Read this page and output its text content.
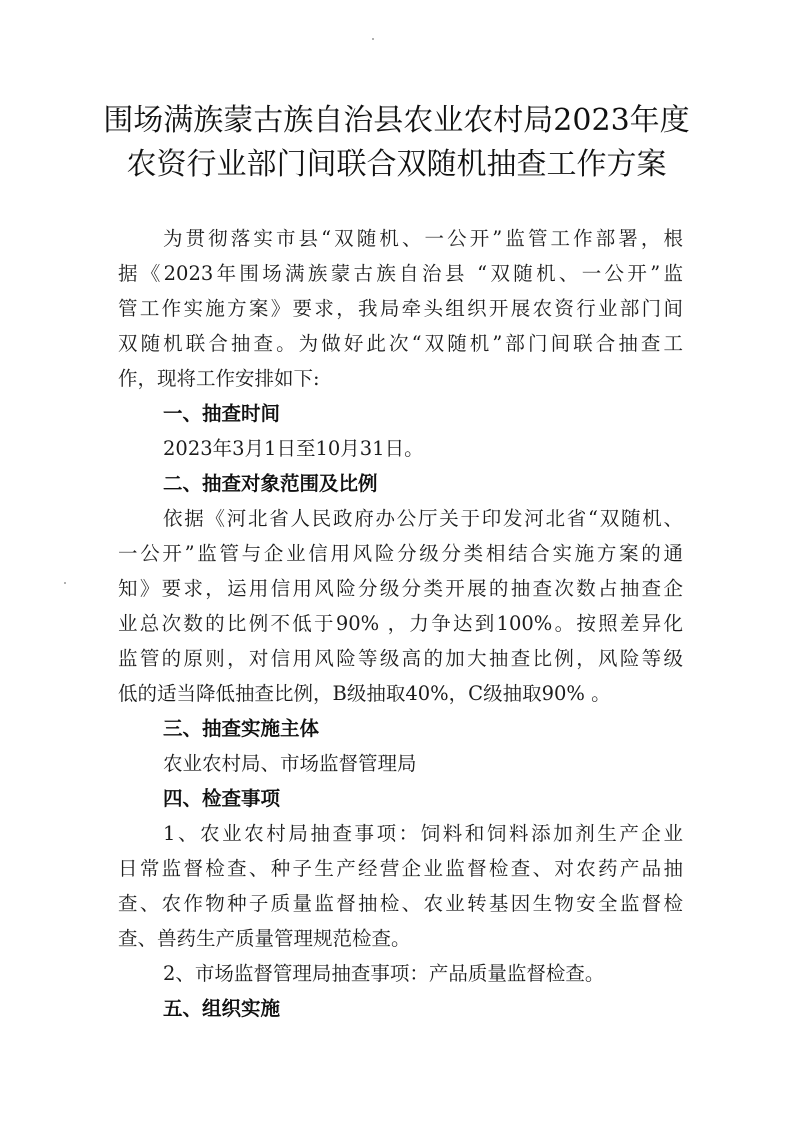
围场满族蒙古族自治县农业农村局2023年度
农资行业部门间联合双随机抽查工作方案
为贯彻落实市县“双随机、一公开”监管工作部署，根
据《2023年围场满族蒙古族自治县 “双随机、一公开”监
管工作实施方案》要求，我局牵头组织开展农资行业部门间
双随机联合抽查。为做好此次“双随机”部门间联合抽查工
作，现将工作安排如下:
一、抽查时间
2023年3月1日至10月31日。
二、抽查对象范围及比例
依据《河北省人民政府办公厅关于印发河北省“双随机、
一公开”监管与企业信用风险分级分类相结合实施方案的通
知》要求，运用信用风险分级分类开展的抽查次数占抽查企
业总次数的比例不低于90% ，力争达到100%。按照差异化
监管的原则，对信用风险等级高的加大抽查比例，风险等级
低的适当降低抽查比例，B级抽取40%，C级抽取90% 。
三、抽查实施主体
农业农村局、市场监督管理局
四、检查事项
1、农业农村局抽查事项：饲料和饲料添加剂生产企业
日常监督检查、种子生产经营企业监督检查、对农药产品抽
查、农作物种子质量监督抽检、农业转基因生物安全监督检
查、兽药生产质量管理规范检查。
2、市场监督管理局抽查事项：产品质量监督检查。
五、组织实施
